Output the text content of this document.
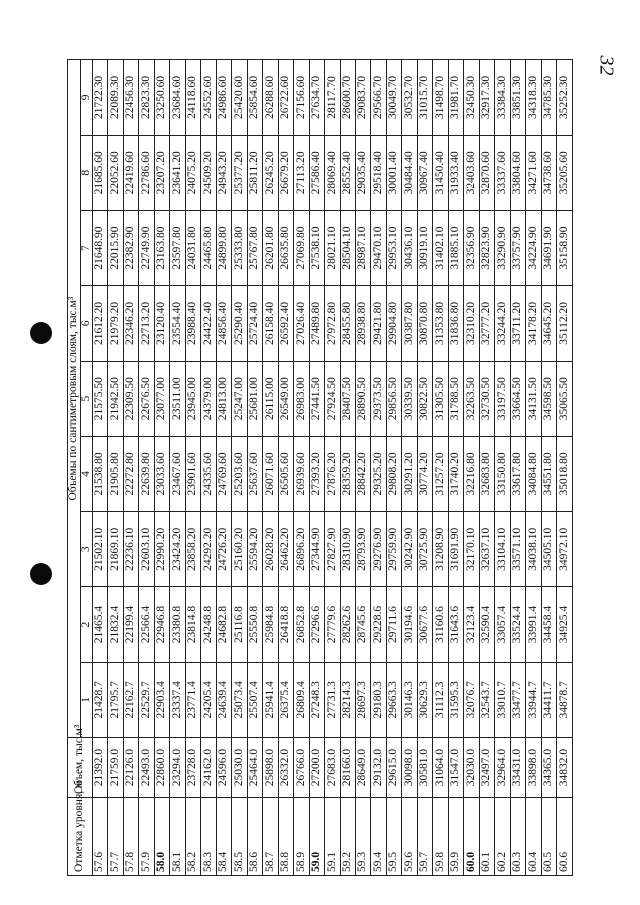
32
Отметка уровня, м	Объем, тыс.м³	Объемы по сантиметровым слоям, тыс.м³								
		1	2	3	4	5	6	7	8	9
57.6	21392.0	21428.7	21465.4	21502.10	21538.80	21575.50	21612.20	21648.90	21685.60	21722.30
57.7	21759.0	21795.7	21832.4	21869.10	21905.80	21942.50	21979.20	22015.90	22052.60	22089.30
57.8	22126.0	22162.7	22199.4	22236.10	22272.80	22309.50	22346.20	22382.90	22419.60	22456.30
57.9	22493.0	22529.7	22566.4	22603.10	22639.80	22676.50	22713.20	22749.90	22786.60	22823.30
58.0	22860.0	22903.4	22946.8	22990.20	23033.60	23077.00	23120.40	23163.80	23207.20	23250.60
58.1	23294.0	23337.4	23380.8	23424.20	23467.60	23511.00	23554.40	23597.80	23641.20	23684.60
58.2	23728.0	23771.4	23814.8	23858.20	23901.60	23945.00	23988.40	24031.80	24075.20	24118.60
58.3	24162.0	24205.4	24248.8	24292.20	24335.60	24379.00	24422.40	24465.80	24509.20	24552.60
58.4	24596.0	24639.4	24682.8	24726.20	24769.60	24813.00	24856.40	24899.80	24943.20	24986.60
58.5	25030.0	25073.4	25116.8	25160.20	25203.60	25247.00	25290.40	25333.80	25377.20	25420.60
58.6	25464.0	25507.4	25550.8	25594.20	25637.60	25681.00	25724.40	25767.80	25811.20	25854.60
58.7	25898.0	25941.4	25984.8	26028.20	26071.60	26115.00	26158.40	26201.80	26245.20	26288.60
58.8	26332.0	26375.4	26418.8	26462.20	26505.60	26549.00	26592.40	26635.80	26679.20	26722.60
58.9	26766.0	26809.4	26852.8	26896.20	26939.60	26983.00	27026.40	27069.80	27113.20	27156.60
59.0	27200.0	27248.3	27296.6	27344.90	27393.20	27441.50	27489.80	27538.10	27586.40	27634.70
59.1	27683.0	27731.3	27779.6	27827.90	27876.20	27924.50	27972.80	28021.10	28069.40	28117.70
59.2	28166.0	28214.3	28262.6	28310.90	28359.20	28407.50	28455.80	28504.10	28552.40	28600.70
59.3	28649.0	28697.3	28745.6	28793.90	28842.20	28890.50	28938.80	28987.10	29035.40	29083.70
59.4	29132.0	29180.3	29228.6	29276.90	29325.20	29373.50	29421.80	29470.10	29518.40	29566.70
59.5	29615.0	29663.3	29711.6	29759.90	29808.20	29856.50	29904.80	29953.10	30001.40	30049.70
59.6	30098.0	30146.3	30194.6	30242.90	30291.20	30339.50	30387.80	30436.10	30484.40	30532.70
59.7	30581.0	30629.3	30677.6	30725.90	30774.20	30822.50	30870.80	30919.10	30967.40	31015.70
59.8	31064.0	31112.3	31160.6	31208.90	31257.20	31305.50	31353.80	31402.10	31450.40	31498.70
59.9	31547.0	31595.3	31643.6	31691.90	31740.20	31788.50	31836.80	31885.10	31933.40	31981.70
60.0	32030.0	32076.7	32123.4	32170.10	32216.80	32263.50	32310.20	32356.90	32403.60	32450.30
60.1	32497.0	32543.7	32590.4	32637.10	32683.80	32730.50	32777.20	32823.90	32870.60	32917.30
60.2	32964.0	33010.7	33057.4	33104.10	33150.80	33197.50	33244.20	33290.90	33337.60	33384.30
60.3	33431.0	33477.7	33524.4	33571.10	33617.80	33664.50	33711.20	33757.90	33804.60	33851.30
60.4	33898.0	33944.7	33991.4	34038.10	34084.80	34131.50	34178.20	34224.90	34271.60	34318.30
60.5	34365.0	34411.7	34458.4	34505.10	34551.80	34598.50	34645.20	34691.90	34738.60	34785.30
60.6	34832.0	34878.7	34925.4	34972.10	35018.80	35065.50	35112.20	35158.90	35205.60	35252.30
